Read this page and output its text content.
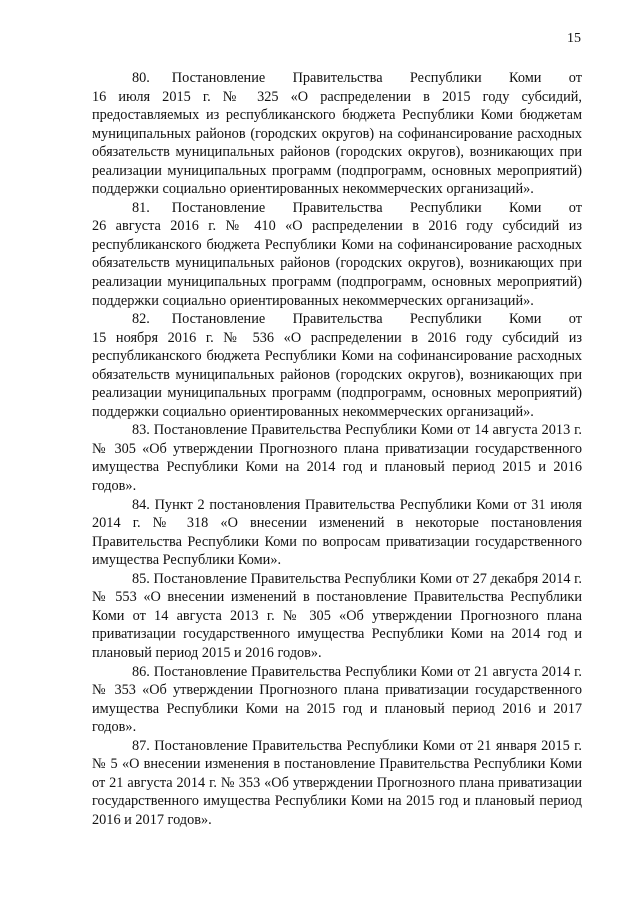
15

80.    Постановление     Правительства     Республики     Коми     от
16 июля 2015 г. № 325 «О распределении в 2015 году субсидий, предоставляемых из республиканского бюджета Республики Коми бюджетам муниципальных районов (городских округов) на софинансирование расходных обязательств муниципальных районов (городских округов), возникающих при реализации муниципальных программ (подпрограмм, основных мероприятий) поддержки социально ориентированных некоммерческих организаций».

81.    Постановление     Правительства     Республики     Коми     от
26 августа 2016 г. № 410 «О распределении в 2016 году субсидий из республиканского бюджета Республики Коми на софинансирование расходных обязательств муниципальных районов (городских округов), возникающих при реализации муниципальных программ (подпрограмм, основных мероприятий) поддержки социально ориентированных некоммерческих организаций».

82.    Постановление     Правительства     Республики     Коми     от
15 ноября 2016 г. № 536 «О распределении в 2016 году субсидий из республиканского бюджета Республики Коми на софинансирование расходных обязательств муниципальных районов (городских округов), возникающих при реализации муниципальных программ (подпрограмм, основных мероприятий) поддержки социально ориентированных некоммерческих организаций».

83. Постановление Правительства Республики Коми от 14 августа 2013 г. № 305 «Об утверждении Прогнозного плана приватизации государственного имущества Республики Коми на 2014 год и плановый период 2015 и 2016 годов».

84. Пункт 2 постановления Правительства Республики Коми от 31 июля 2014 г. № 318 «О внесении изменений в некоторые постановления Правительства Республики Коми по вопросам приватизации государственного имущества Республики Коми».

85. Постановление Правительства Республики Коми от 27 декабря 2014 г. № 553 «О внесении изменений в постановление Правительства Республики Коми от 14 августа 2013 г. № 305 «Об утверждении Прогнозного плана приватизации государственного имущества Республики Коми на 2014 год и плановый период 2015 и 2016 годов».

86. Постановление Правительства Республики Коми от 21 августа 2014 г. № 353 «Об утверждении Прогнозного плана приватизации государственного имущества Республики Коми на 2015 год и плановый период 2016 и 2017 годов».

87. Постановление Правительства Республики Коми от 21 января 2015 г. № 5 «О внесении изменения в постановление Правительства Республики Коми от 21 августа 2014 г. № 353 «Об утверждении Прогнозного плана приватизации государственного имущества Республики Коми на 2015 год и плановый период 2016 и 2017 годов».
